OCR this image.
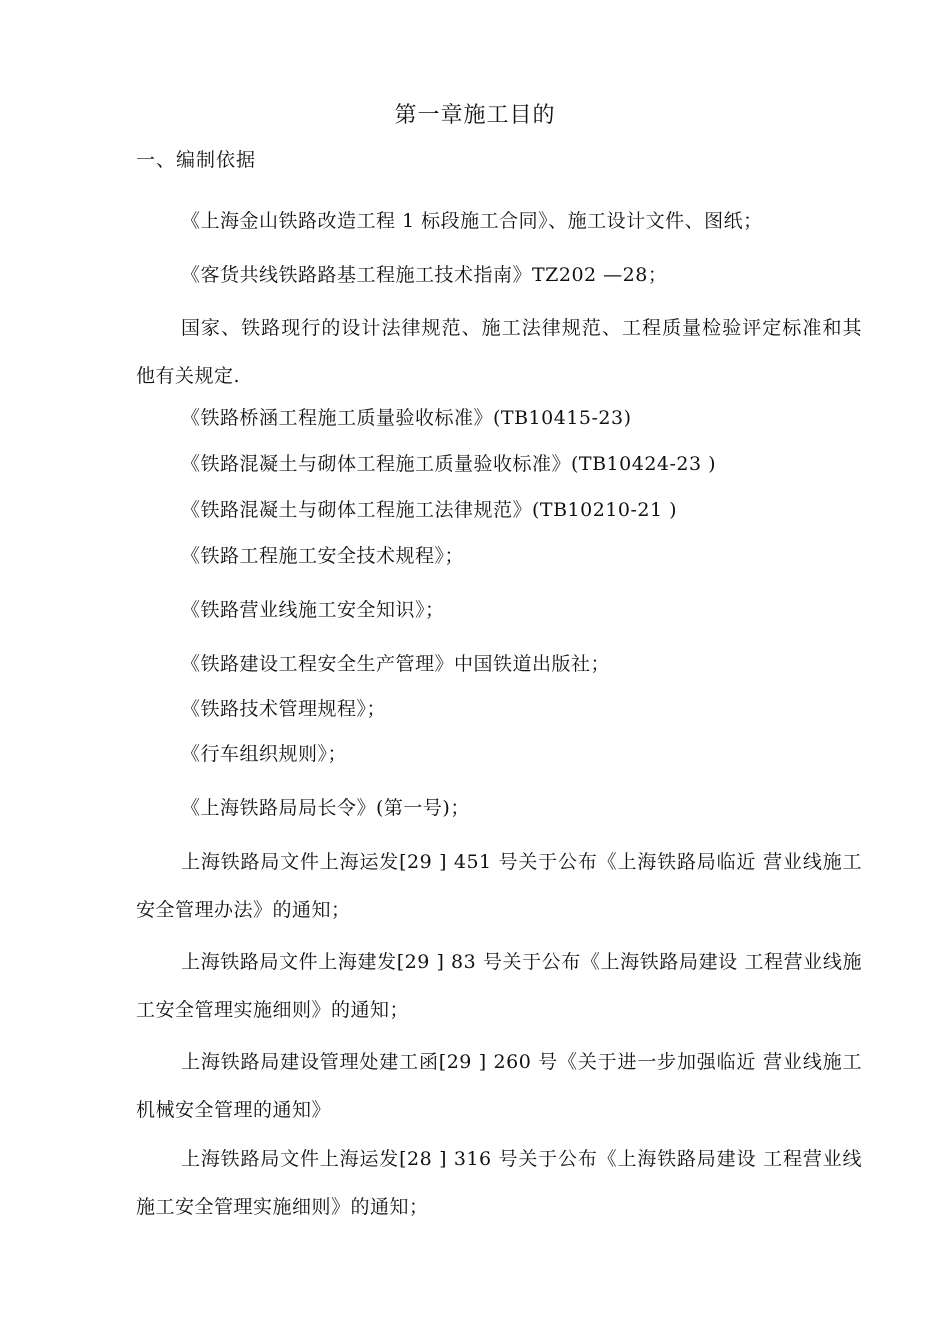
第一章施工目的
一、编制依据
《上海金山铁路改造工程 1 标段施工合同》、施工设计文件、图纸；
《客货共线铁路路基工程施工技术指南》TZ202 —28；
国家、铁路现行的设计法律规范、施工法律规范、工程质量检验评定标准和其 他有关规定.
《铁路桥涵工程施工质量验收标准》(TB10415-23)
《铁路混凝土与砌体工程施工质量验收标准》(TB10424-23 )
《铁路混凝土与砌体工程施工法律规范》(TB10210-21 )
《铁路工程施工安全技术规程》；
《铁路营业线施工安全知识》；
《铁路建设工程安全生产管理》中国铁道出版社；
《铁路技术管理规程》；
《行车组织规则》；
《上海铁路局局长令》(第一号)；
上海铁路局文件上海运发[29 ] 451 号关于公布《上海铁路局临近 营业线施工安全管理办法》的通知；
上海铁路局文件上海建发[29 ] 83 号关于公布《上海铁路局建设 工程营业线施工安全管理实施细则》的通知；
上海铁路局建设管理处建工函[29 ] 260 号《关于进一步加强临近 营业线施工机械安全管理的通知》
上海铁路局文件上海运发[28 ] 316 号关于公布《上海铁路局建设 工程营业线施工安全管理实施细则》的通知；
